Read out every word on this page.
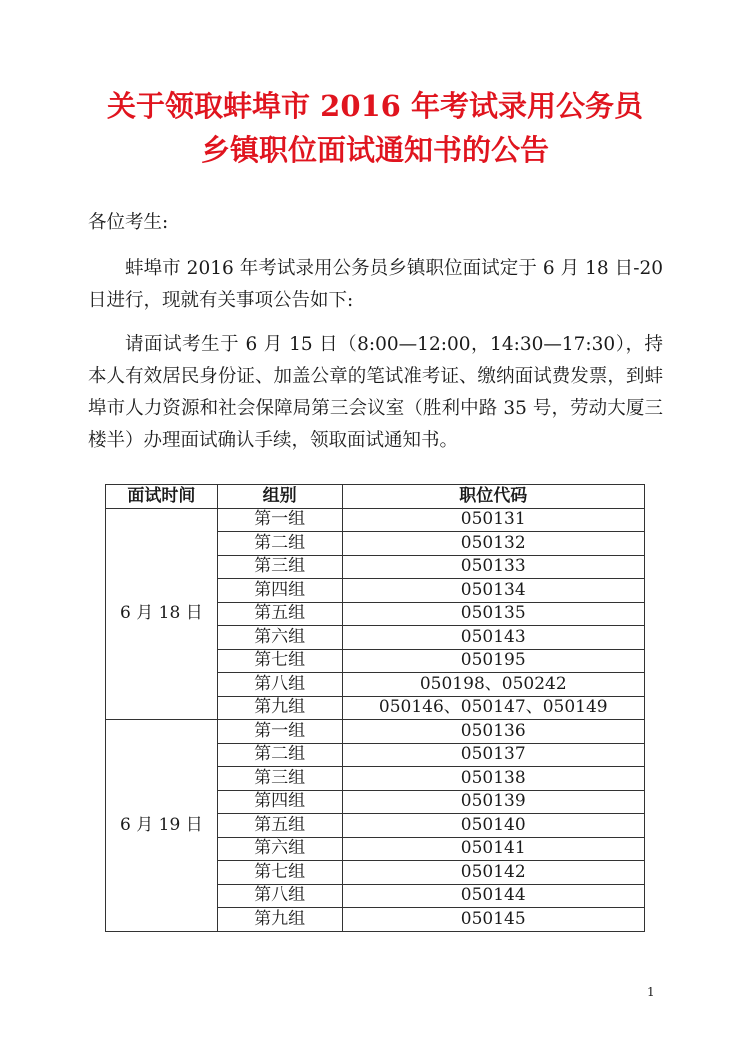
关于领取蚌埠市 2016 年考试录用公务员
乡镇职位面试通知书的公告

各位考生:

蚌埠市 2016 年考试录用公务员乡镇职位面试定于 6 月 18 日-20 日进行，现就有关事项公告如下:

请面试考生于 6 月 15 日（8:00—12:00，14:30—17:30），持本人有效居民身份证、加盖公章的笔试准考证、缴纳面试费发票，到蚌埠市人力资源和社会保障局第三会议室（胜利中路 35 号，劳动大厦三楼半）办理面试确认手续，领取面试通知书。

面试时间	组别	职位代码
6 月 18 日	第一组	050131
	第二组	050132
	第三组	050133
	第四组	050134
	第五组	050135
	第六组	050143
	第七组	050195
	第八组	050198、050242
	第九组	050146、050147、050149
6 月 19 日	第一组	050136
	第二组	050137
	第三组	050138
	第四组	050139
	第五组	050140
	第六组	050141
	第七组	050142
	第八组	050144
	第九组	050145
1
